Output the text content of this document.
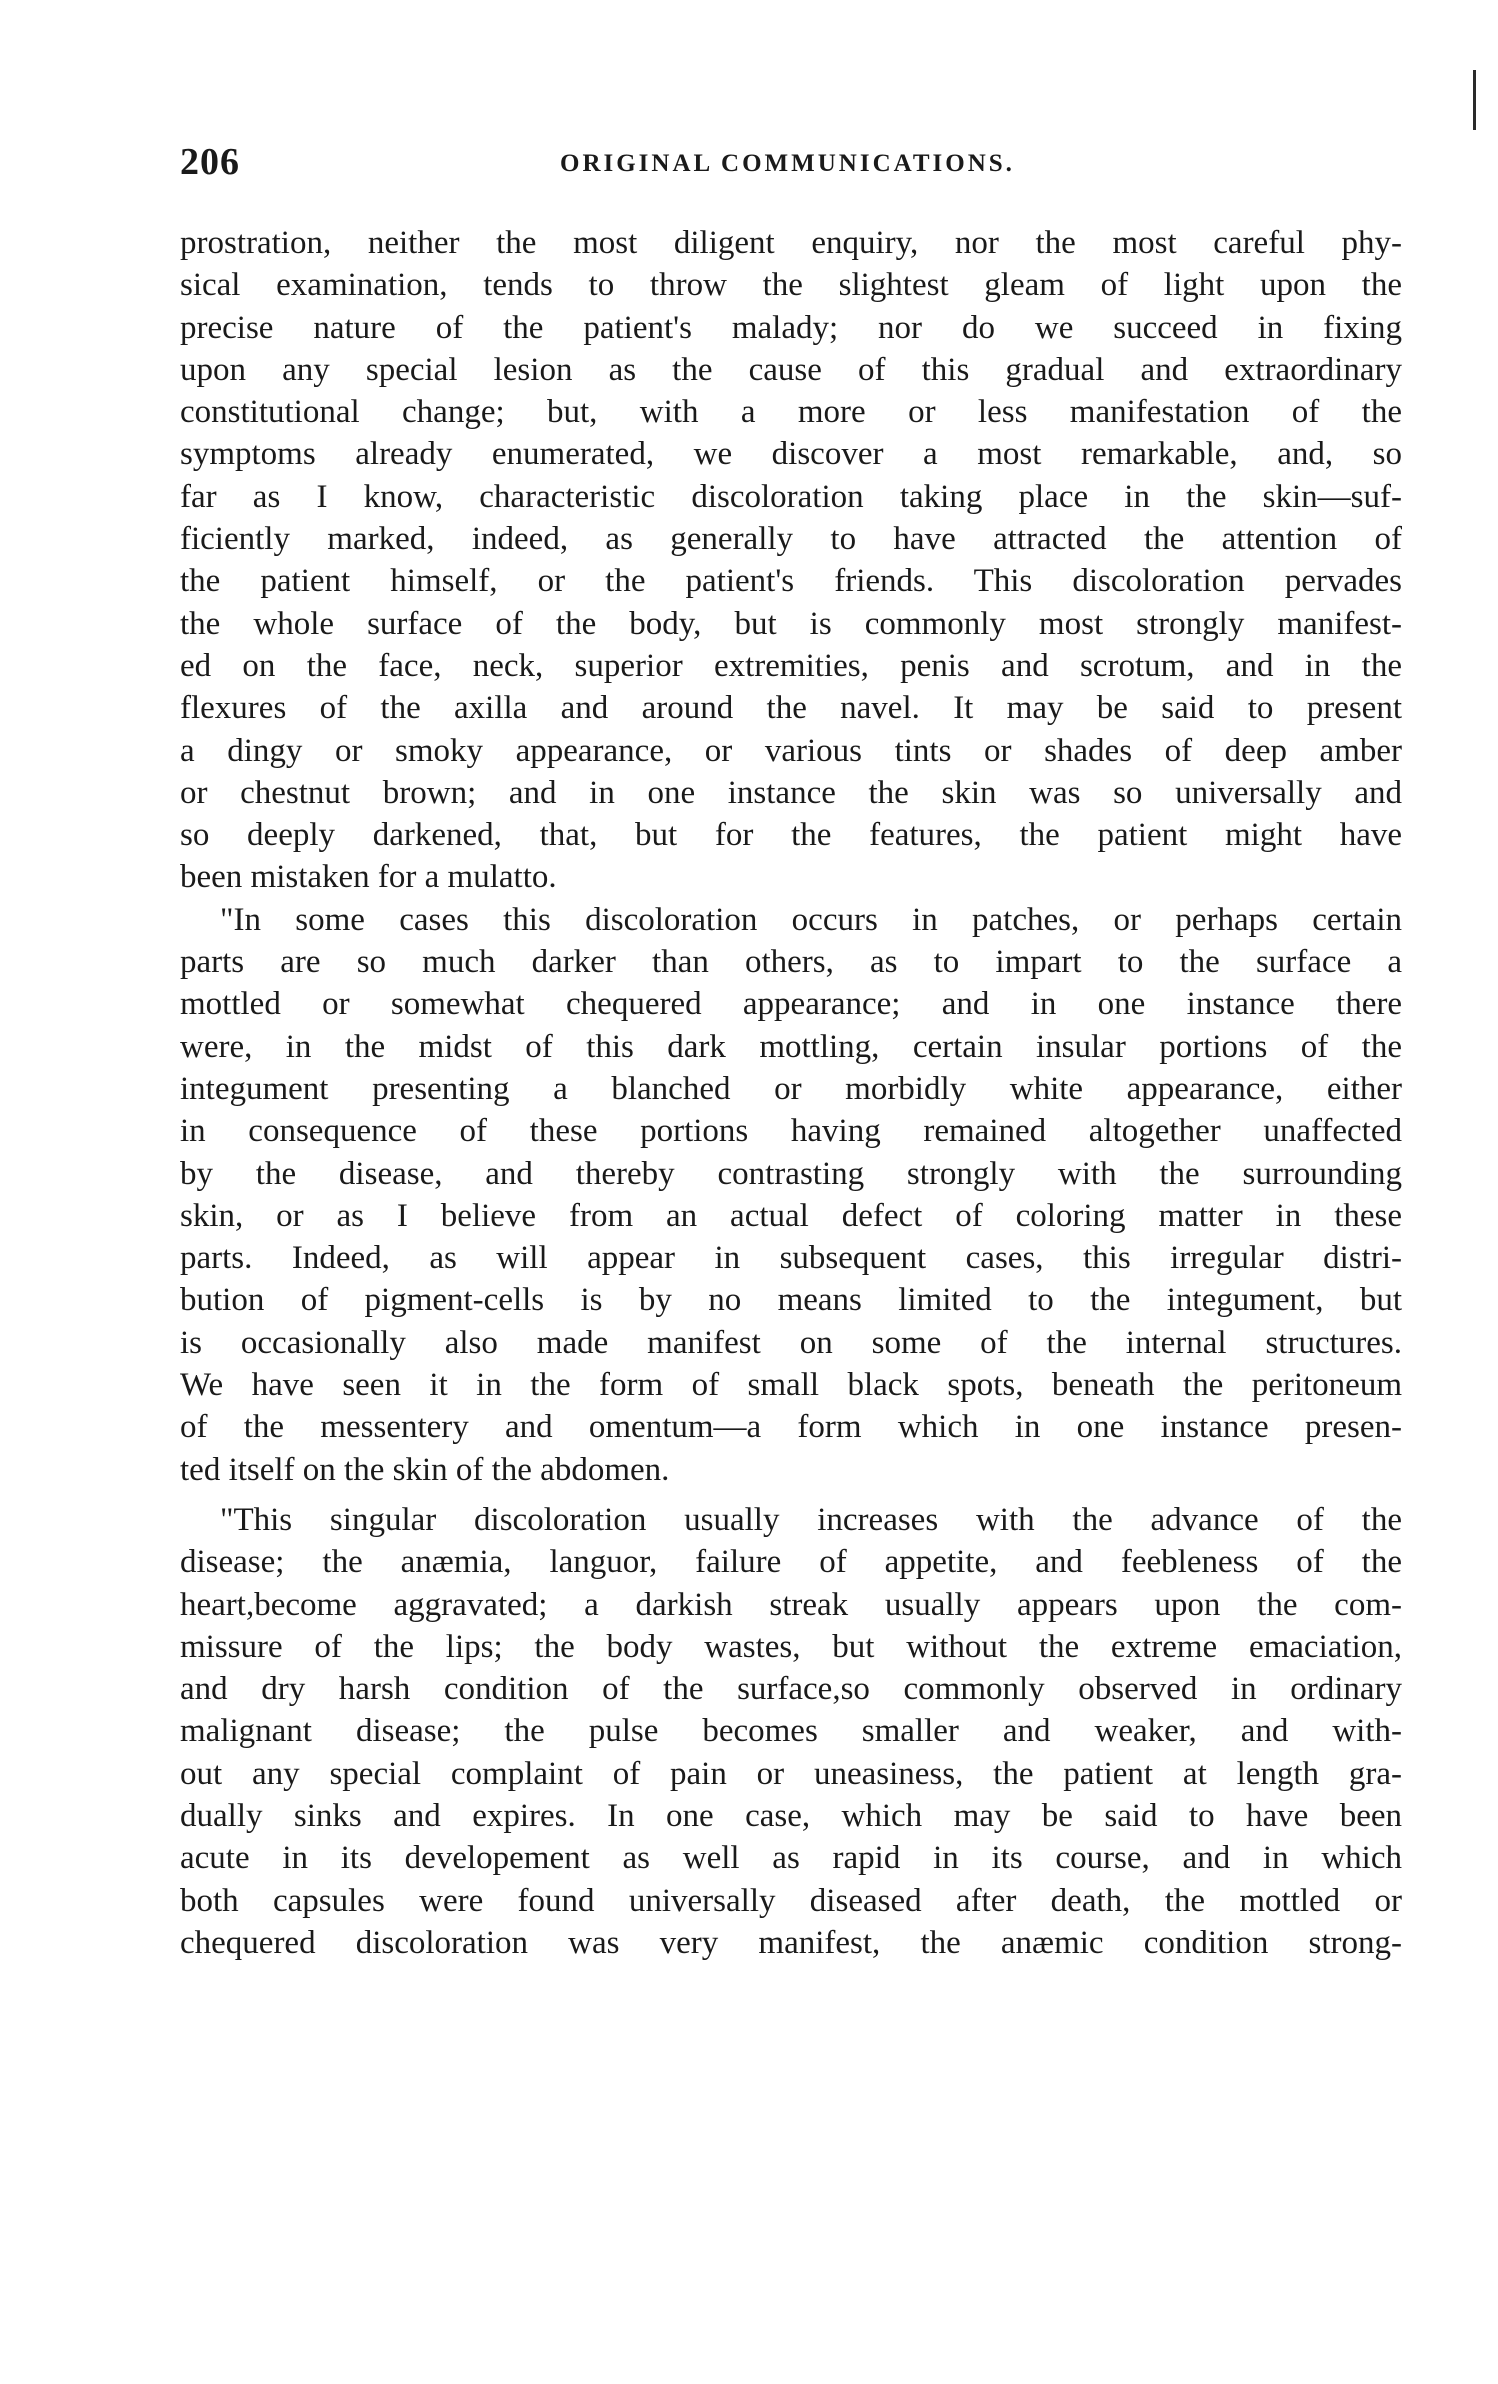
206	ORIGINAL COMMUNICATIONS.
prostration, neither the most diligent enquiry, nor the most careful phy-
sical examination, tends to throw the slightest gleam of light upon the
precise nature of the patient's malady; nor do we succeed in fixing
upon any special lesion as the cause of this gradual and extraordinary
constitutional change; but, with a more or less manifestation of the
symptoms already enumerated, we discover a most remarkable, and, so
far as I know, characteristic discoloration taking place in the skin—suf-
ficiently marked, indeed, as generally to have attracted the attention of
the patient himself, or the patient's friends. This discoloration pervades
the whole surface of the body, but is commonly most strongly manifest-
ed on the face, neck, superior extremities, penis and scrotum, and in the
flexures of the axilla and around the navel. It may be said to present
a dingy or smoky appearance, or various tints or shades of deep amber
or chestnut brown; and in one instance the skin was so universally and
so deeply darkened, that, but for the features, the patient might have
been mistaken for a mulatto.
"In some cases this discoloration occurs in patches, or perhaps certain
parts are so much darker than others, as to impart to the surface a
mottled or somewhat chequered appearance; and in one instance there
were, in the midst of this dark mottling, certain insular portions of the
integument presenting a blanched or morbidly white appearance, either
in consequence of these portions having remained altogether unaffected
by the disease, and thereby contrasting strongly with the surrounding
skin, or as I believe from an actual defect of coloring matter in these
parts. Indeed, as will appear in subsequent cases, this irregular distri-
bution of pigment-cells is by no means limited to the integument, but
is occasionally also made manifest on some of the internal structures.
We have seen it in the form of small black spots, beneath the peritoneum
of the messentery and omentum—a form which in one instance presen-
ted itself on the skin of the abdomen.
"This singular discoloration usually increases with the advance of the
disease; the anæmia, languor, failure of appetite, and feebleness of the
heart,become aggravated; a darkish streak usually appears upon the com-
missure of the lips; the body wastes, but without the extreme emaciation,
and dry harsh condition of the surface,so commonly observed in ordinary
malignant disease; the pulse becomes smaller and weaker, and with-
out any special complaint of pain or uneasiness, the patient at length gra-
dually sinks and expires. In one case, which may be said to have been
acute in its developement as well as rapid in its course, and in which
both capsules were found universally diseased after death, the mottled or
chequered discoloration was very manifest, the anæmic condition strong-
